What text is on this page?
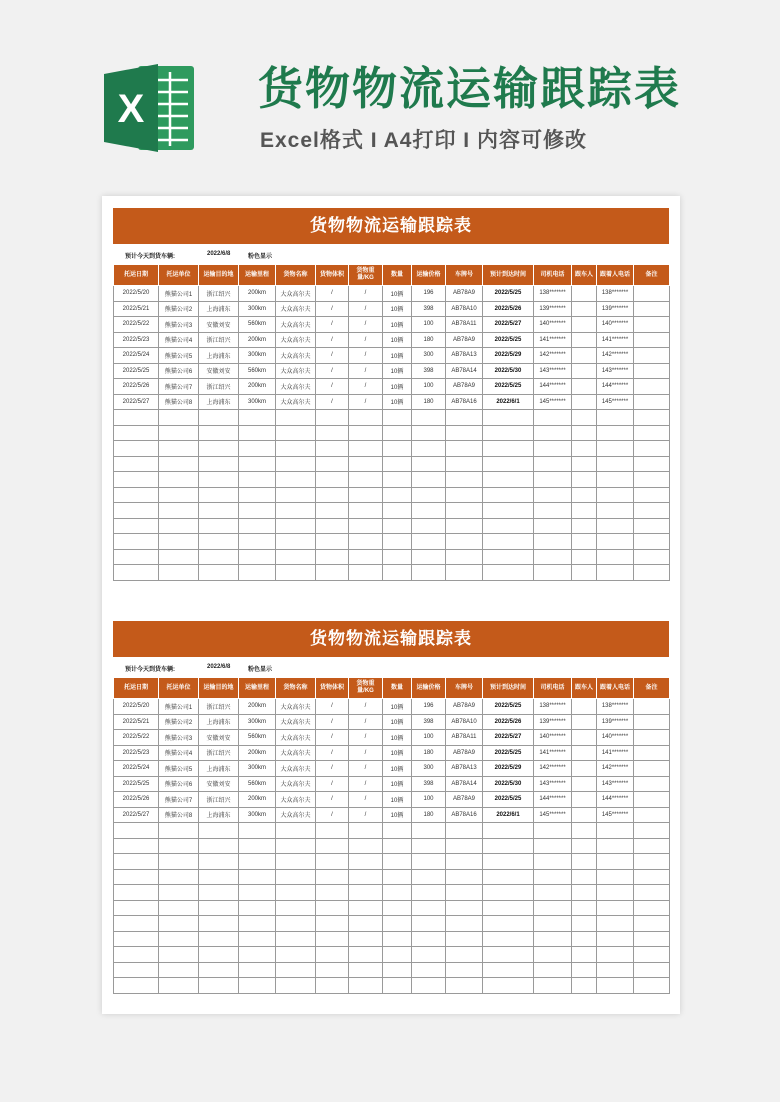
X	货物物流运输跟踪表
Excel格式 I A4打印 I 内容可修改
货物物流运输跟踪表
预计今天到货车辆:	2022/6/8	粉色显示
托运日期	托运单位	运输目的地	运输里程	货物名称	货物体积	货物重量/KG	数量	运输价格	车牌号	预计到达时间	司机电话	跟车人	跟着人电话	备注
2022/5/20	熊猫公司1	浙江绍兴	200km	大众高尔夫	/	/	10辆	196	AB78A9	2022/5/25	138*******		138*******	
2022/5/21	熊猫公司2	上海浦东	300km	大众高尔夫	/	/	10辆	398	AB78A10	2022/5/26	139*******		139*******	
2022/5/22	熊猫公司3	安徽刘安	560km	大众高尔夫	/	/	10辆	100	AB78A11	2022/5/27	140*******		140*******	
2022/5/23	熊猫公司4	浙江绍兴	200km	大众高尔夫	/	/	10辆	180	AB78A9	2022/5/25	141*******		141*******	
2022/5/24	熊猫公司5	上海浦东	300km	大众高尔夫	/	/	10辆	300	AB78A13	2022/5/29	142*******		142*******	
2022/5/25	熊猫公司6	安徽刘安	560km	大众高尔夫	/	/	10辆	398	AB78A14	2022/5/30	143*******		143*******	
2022/5/26	熊猫公司7	浙江绍兴	200km	大众高尔夫	/	/	10辆	100	AB78A9	2022/5/25	144*******		144*******	
2022/5/27	熊猫公司8	上海浦东	300km	大众高尔夫	/	/	10辆	180	AB78A16	2022/6/1	145*******		145*******	

货物物流运输跟踪表
预计今天到货车辆:	2022/6/8	粉色显示
托运日期	托运单位	运输目的地	运输里程	货物名称	货物体积	货物重量/KG	数量	运输价格	车牌号	预计到达时间	司机电话	跟车人	跟着人电话	备注
2022/5/20	熊猫公司1	浙江绍兴	200km	大众高尔夫	/	/	10辆	196	AB78A9	2022/5/25	138*******		138*******	
2022/5/21	熊猫公司2	上海浦东	300km	大众高尔夫	/	/	10辆	398	AB78A10	2022/5/26	139*******		139*******	
2022/5/22	熊猫公司3	安徽刘安	560km	大众高尔夫	/	/	10辆	100	AB78A11	2022/5/27	140*******		140*******	
2022/5/23	熊猫公司4	浙江绍兴	200km	大众高尔夫	/	/	10辆	180	AB78A9	2022/5/25	141*******		141*******	
2022/5/24	熊猫公司5	上海浦东	300km	大众高尔夫	/	/	10辆	300	AB78A13	2022/5/29	142*******		142*******	
2022/5/25	熊猫公司6	安徽刘安	560km	大众高尔夫	/	/	10辆	398	AB78A14	2022/5/30	143*******		143*******	
2022/5/26	熊猫公司7	浙江绍兴	200km	大众高尔夫	/	/	10辆	100	AB78A9	2022/5/25	144*******		144*******	
2022/5/27	熊猫公司8	上海浦东	300km	大众高尔夫	/	/	10辆	180	AB78A16	2022/6/1	145*******		145*******	
